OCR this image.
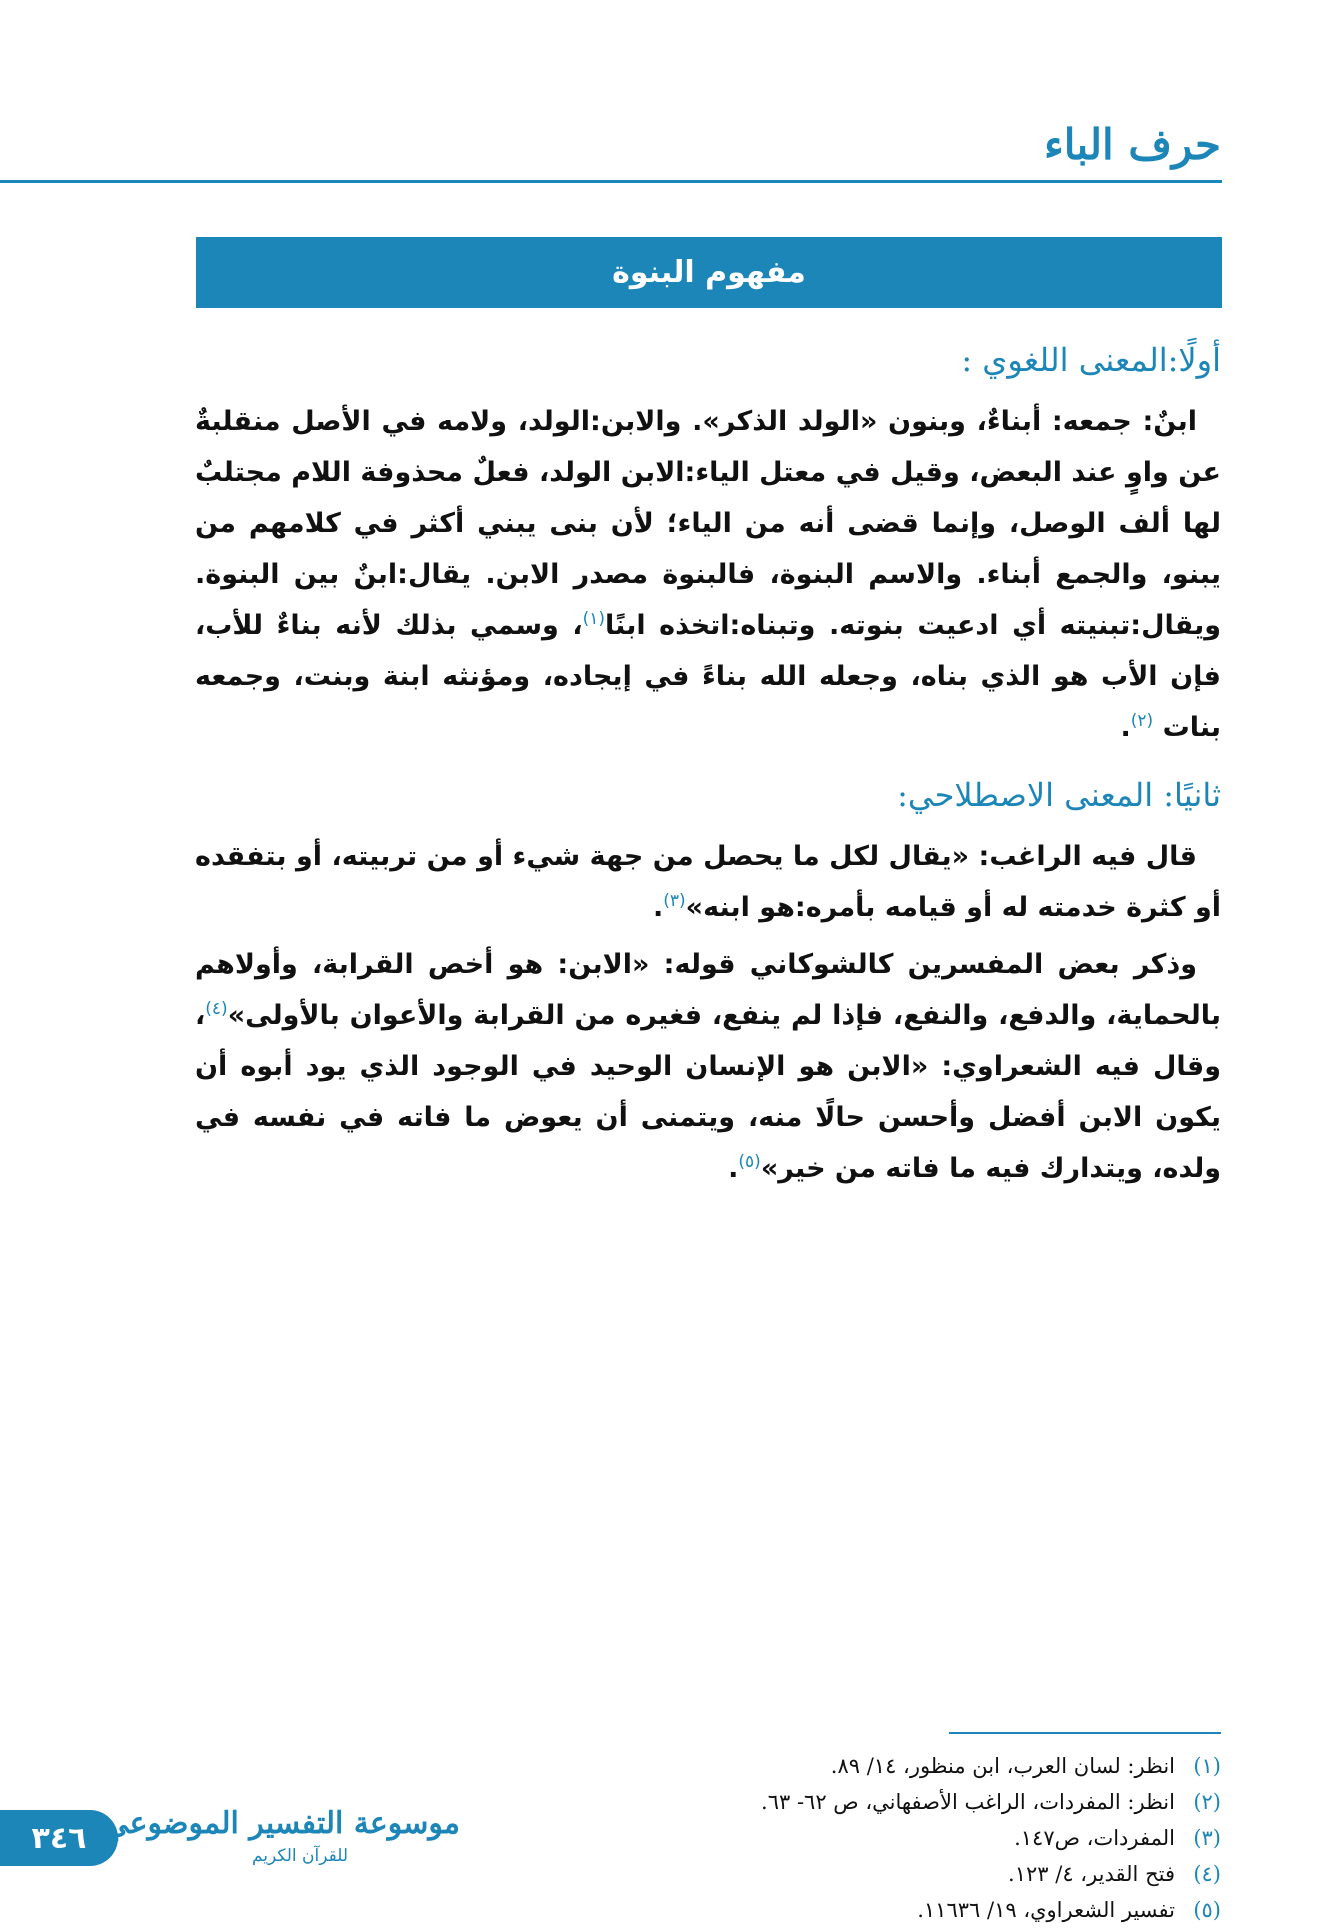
حرف الباء
مفهوم البنوة
أولًا:المعنى اللغوي :

ابنٌ: جمعه: أبناءٌ، وبنون «الولد الذكر». والابن:الولد، ولامه في الأصل منقلبةٌ عن واوٍ عند البعض، وقيل في معتل الياء:الابن الولد، فعلٌ محذوفة اللام مجتلبٌ لها ألف الوصل، وإنما قضى أنه من الياء؛ لأن بنى يبني أكثر في كلامهم من يبنو، والجمع أبناء. والاسم البنوة، فالبنوة مصدر الابن. يقال:ابنٌ بين البنوة. ويقال:تبنيته أي ادعيت بنوته. وتبناه:اتخذه ابنًا$^{(١)}$، وسمي بذلك لأنه بناءٌ للأب، فإن الأب هو الذي بناه، وجعله الله بناءً في إيجاده، ومؤنثه ابنة وبنت، وجمعه بنات $^{(٢)}$.

ثانيًا: المعنى الاصطلاحي:

قال فيه الراغب: «يقال لكل ما يحصل من جهة شيء أو من تربيته، أو بتفقده أو كثرة خدمته له أو قيامه بأمره:هو ابنه»$^{(٣)}$.

وذكر بعض المفسرين كالشوكاني قوله: «الابن: هو أخص القرابة، وأولاهم بالحماية، والدفع، والنفع، فإذا لم ينفع، فغيره من القرابة والأعوان بالأولى»$^{(٤)}$، وقال فيه الشعراوي: «الابن هو الإنسان الوحيد في الوجود الذي يود أبوه أن يكون الابن أفضل وأحسن حالًا منه، ويتمنى أن يعوض ما فاته في نفسه في ولده، ويتدارك فيه ما فاته من خير»$^{(٥)}$.

(١)
انظر: لسان العرب، ابن منظور، ١٤/ ٨٩.
(٢)
انظر: المفردات، الراغب الأصفهاني، ص ٦٢- ٦٣.
(٣)
المفردات، ص١٤٧.
(٤)
فتح القدير، ٤/ ١٢٣.
(٥)
تفسير الشعراوي، ١٩/ ١١٦٣٦.
٣٤٦ موسوعة التفسير الموضوعي
للقرآن الكريم
